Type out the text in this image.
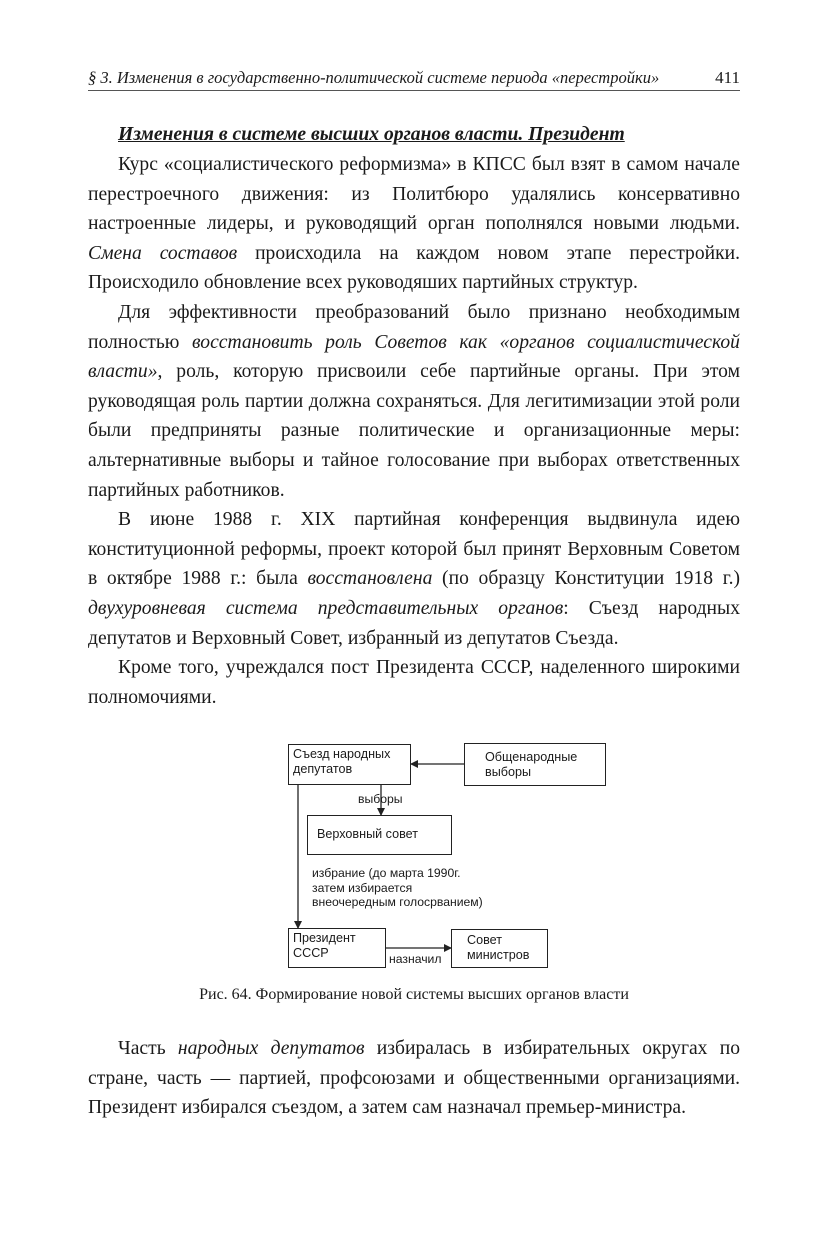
§ 3. Изменения в государственно-политической системе периода «перестройки»	411
Изменения в системе высших органов власти. Президент

Курс «социалистического реформизма» в КПСС был взят в самом начале перестроечного движения: из Политбюро удалялись консервативно настроенные лидеры, и руководящий орган пополнялся новыми людьми. Смена составов происходила на каждом новом этапе перестройки. Происходило обновление всех руководяших партийных структур.

Для эффективности преобразований было признано необходимым полностью восстановить роль Советов как «органов социалистической власти», роль, которую присвоили себе партийные органы. При этом руководящая роль партии должна сохраняться. Для легитимизации этой роли были предприняты разные политические и организационные меры: альтернативные выборы и тайное голосование при выборах ответственных партийных работников.

В июне 1988 г. XIX партийная конференция выдвинула идею конституционной реформы, проект которой был принят Верховным Советом в октябре 1988 г.: была восстановлена (по образцу Конституции 1918 г.) двухуровневая система представительных органов: Съезд народных депутатов и Верховный Совет, избранный из депутатов Съезда.

Кроме того, учреждался пост Президента СССР, наделенного широкими полномочиями.

Съезд народных
депутатов
Общенародные
выборы
выборы
Верховный совет
избрание (до марта 1990г.
затем избирается
внеочередным голосрванием)
Президент
СССР	назначил
Совет
министров
Рис. 64. Формирование новой системы высших органов власти

Часть народных депутатов избиралась в избирательных округах по стране, часть — партией, профсоюзами и общественными организациями. Президент избирался съездом, а затем сам назначал премьер-министра.
